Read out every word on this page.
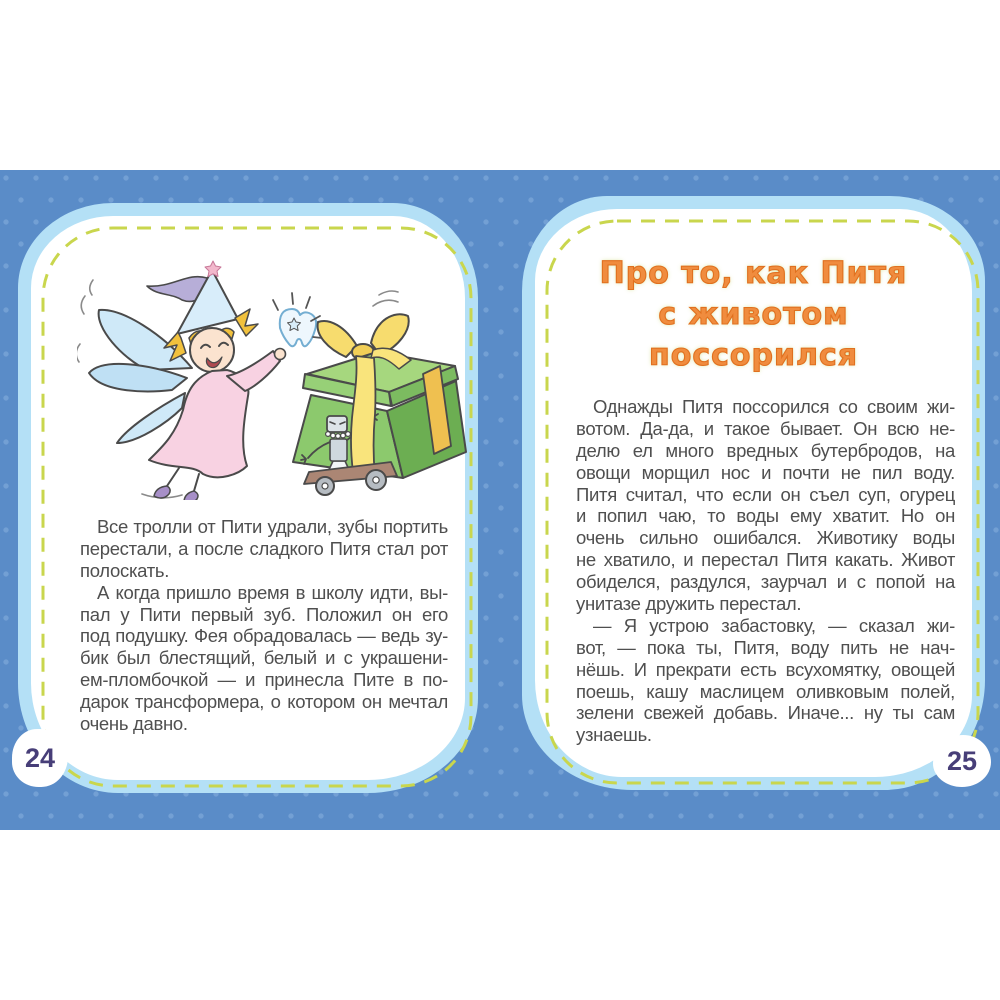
Все тролли от Пити удрали, зубы портить
перестали, а после сладкого Питя стал рот
полоскать.
А когда пришло время в школу идти, вы-
пал у Пити первый зуб. Положил он его
под подушку. Фея обрадовалась — ведь зу-
бик был блестящий, белый и с украшени-
ем-пломбочкой — и принесла Пите в по-
дарок трансформера, о котором он мечтал
очень давно.
Про то, как Питя
с животом
поссорился
Однажды Питя поссорился со своим жи-
вотом. Да-да, и такое бывает. Он всю не-
делю ел много вредных бутербродов, на
овощи морщил нос и почти не пил воду.
Питя считал, что если он съел суп, огурец
и попил чаю, то воды ему хватит. Но он
очень сильно ошибался. Животику воды
не хватило, и перестал Питя какать. Живот
обиделся, раздулся, заурчал и с попой на
унитазе дружить перестал.
— Я устрою забастовку, — сказал жи-
вот, — пока ты, Питя, воду пить не нач-
нёшь. И прекрати есть всухомятку, овощей
поешь, кашу маслицем оливковым полей,
зелени свежей добавь. Иначе... ну ты сам
узнаешь.
24	25
